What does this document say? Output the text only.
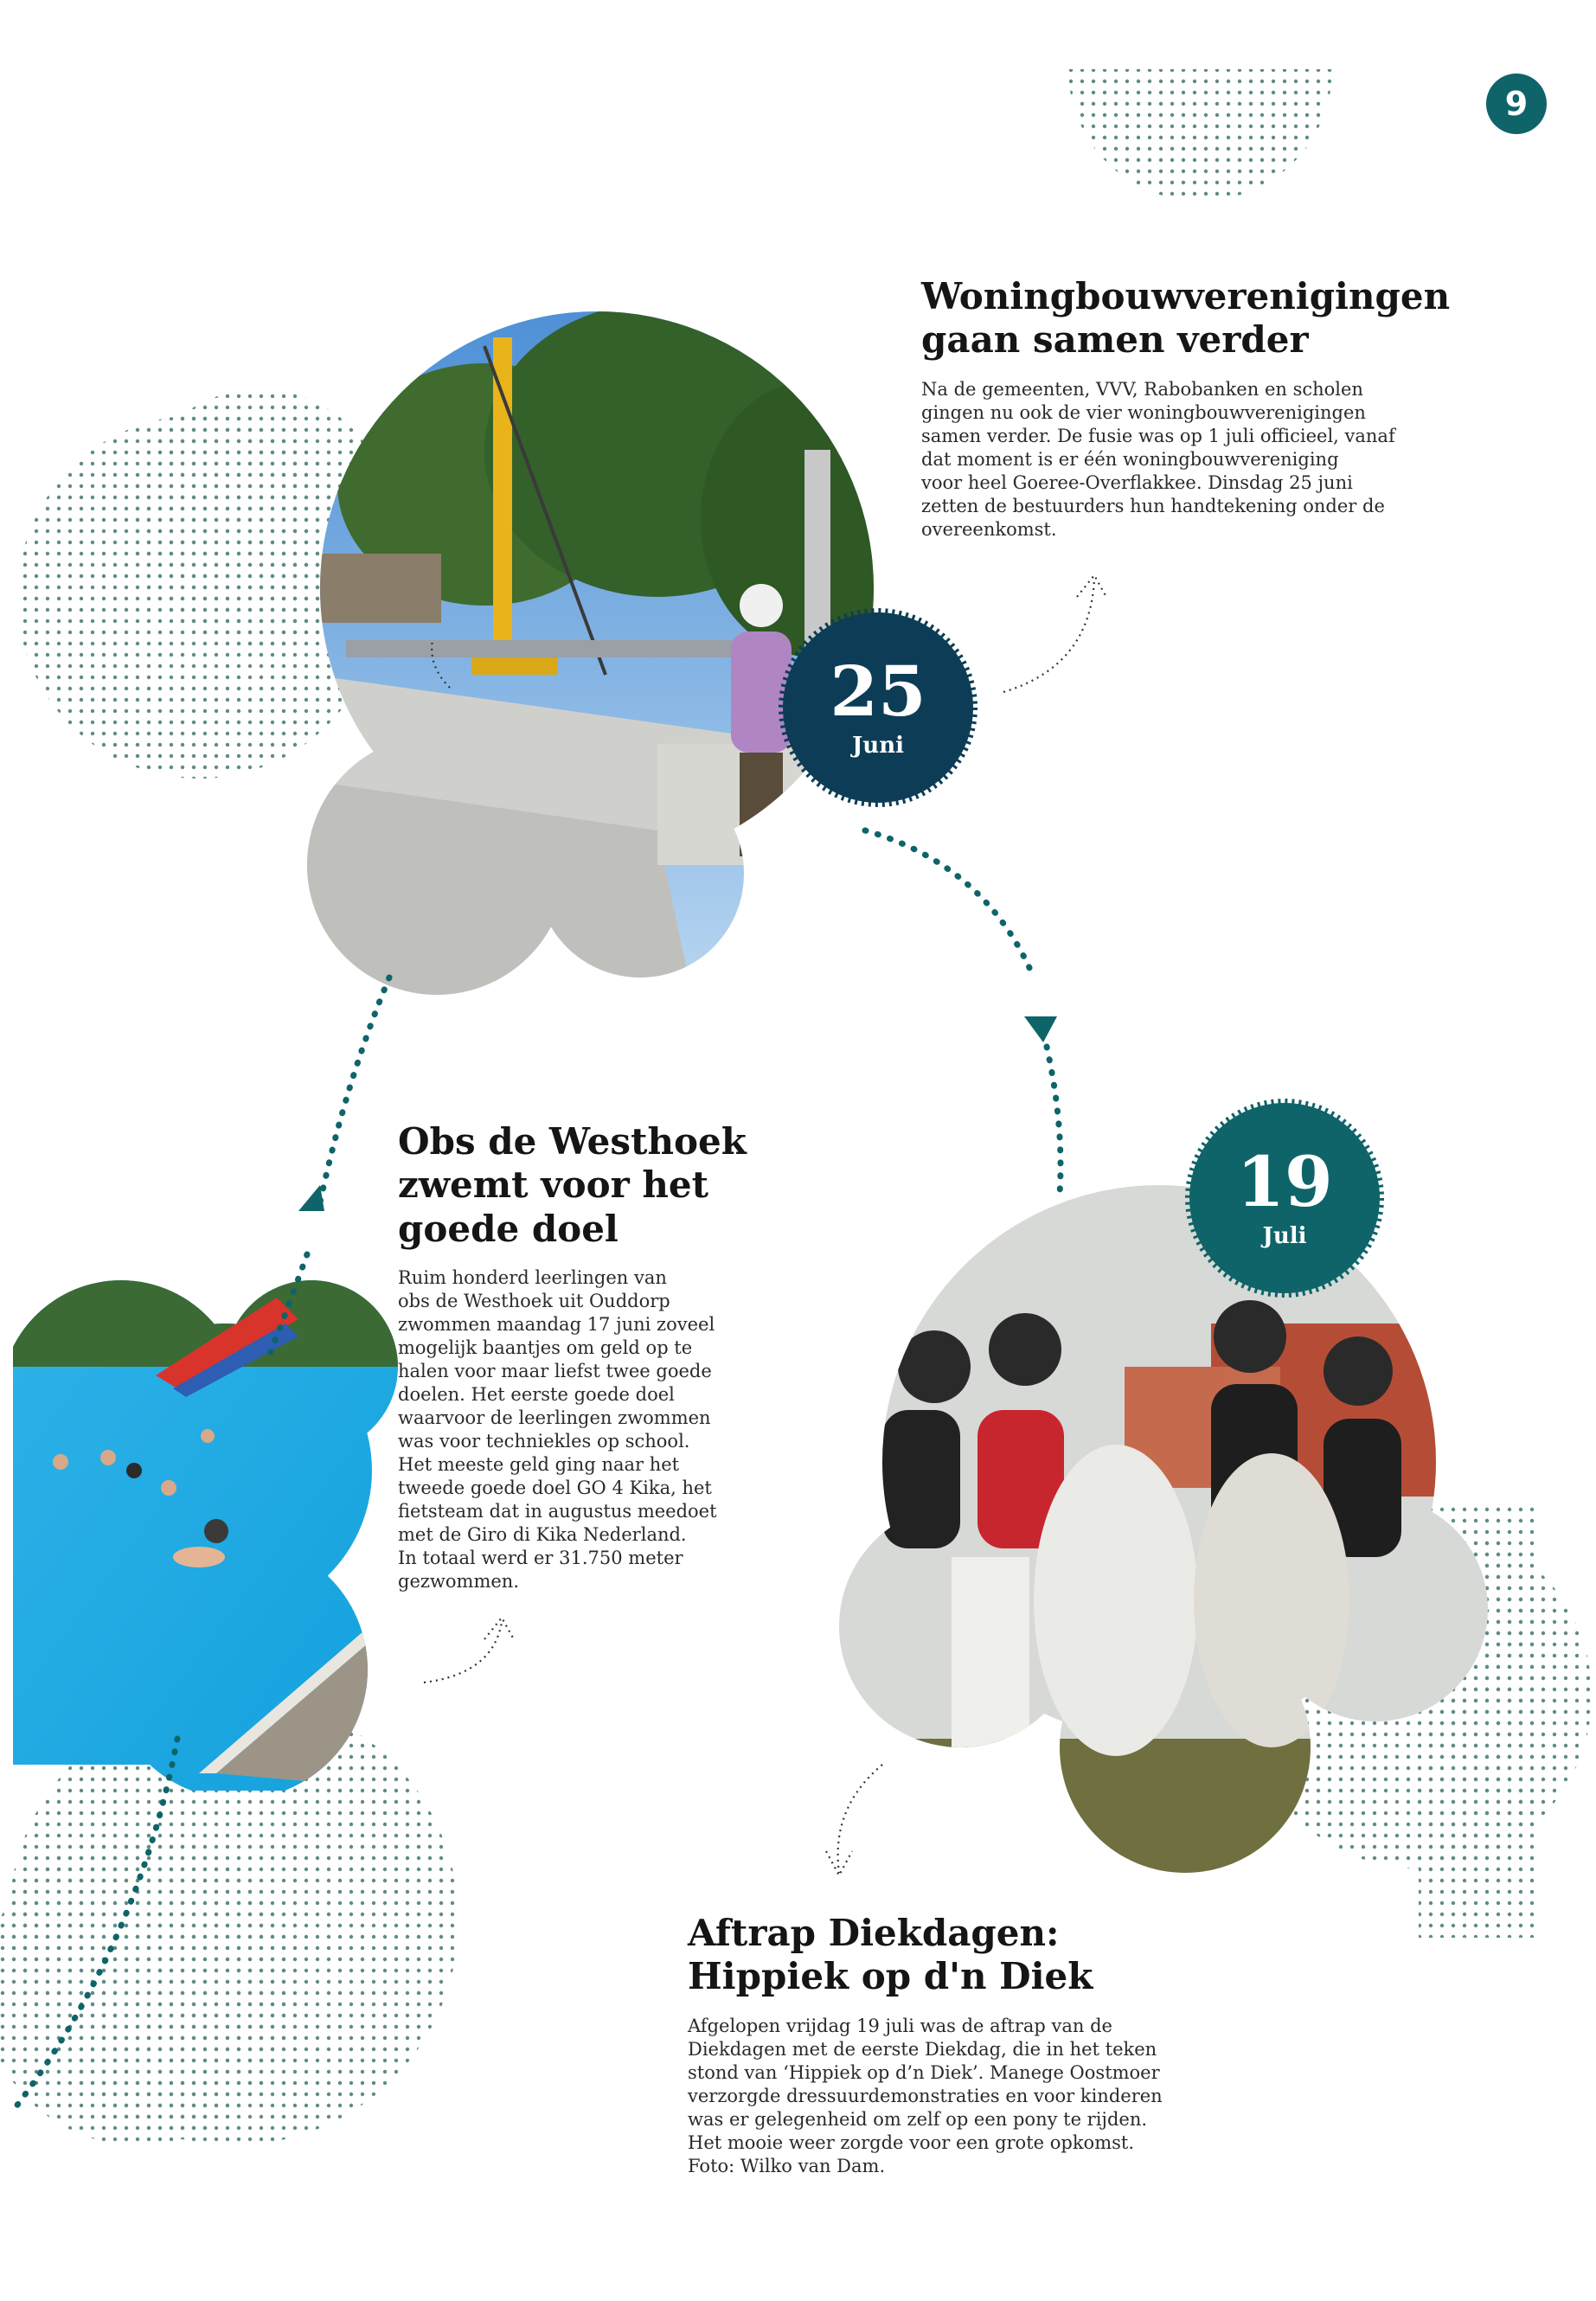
9
25
Juni
19
Juli
Woningbouwverenigingen
gaan samen verder
Na de gemeenten, VVV, Rabobanken en scholen
gingen nu ook de vier woningbouwverenigingen
samen verder. De fusie was op 1 juli officieel, vanaf
dat moment is er één woningbouwvereniging
voor heel Goeree-Overflakkee. Dinsdag 25 juni
zetten de bestuurders hun handtekening onder de
overeenkomst.
Obs de Westhoek
zwemt voor het
goede doel
Ruim honderd leerlingen van
obs de Westhoek uit Ouddorp
zwommen maandag 17 juni zoveel
mogelijk baantjes om geld op te
halen voor maar liefst twee goede
doelen. Het eerste goede doel
waarvoor de leerlingen zwommen
was voor techniekles op school.
Het meeste geld ging naar het
tweede goede doel GO 4 Kika, het
fietsteam dat in augustus meedoet
met de Giro di Kika Nederland.
In totaal werd er 31.750 meter
gezwommen.
Aftrap Diekdagen:
Hippiek op d'n Diek
Afgelopen vrijdag 19 juli was de aftrap van de
Diekdagen met de eerste Diekdag, die in het teken
stond van ‘Hippiek op d’n Diek’. Manege Oostmoer
verzorgde dressuurdemonstraties en voor kinderen
was er gelegenheid om zelf op een pony te rijden.
Het mooie weer zorgde voor een grote opkomst.
Foto: Wilko van Dam.
